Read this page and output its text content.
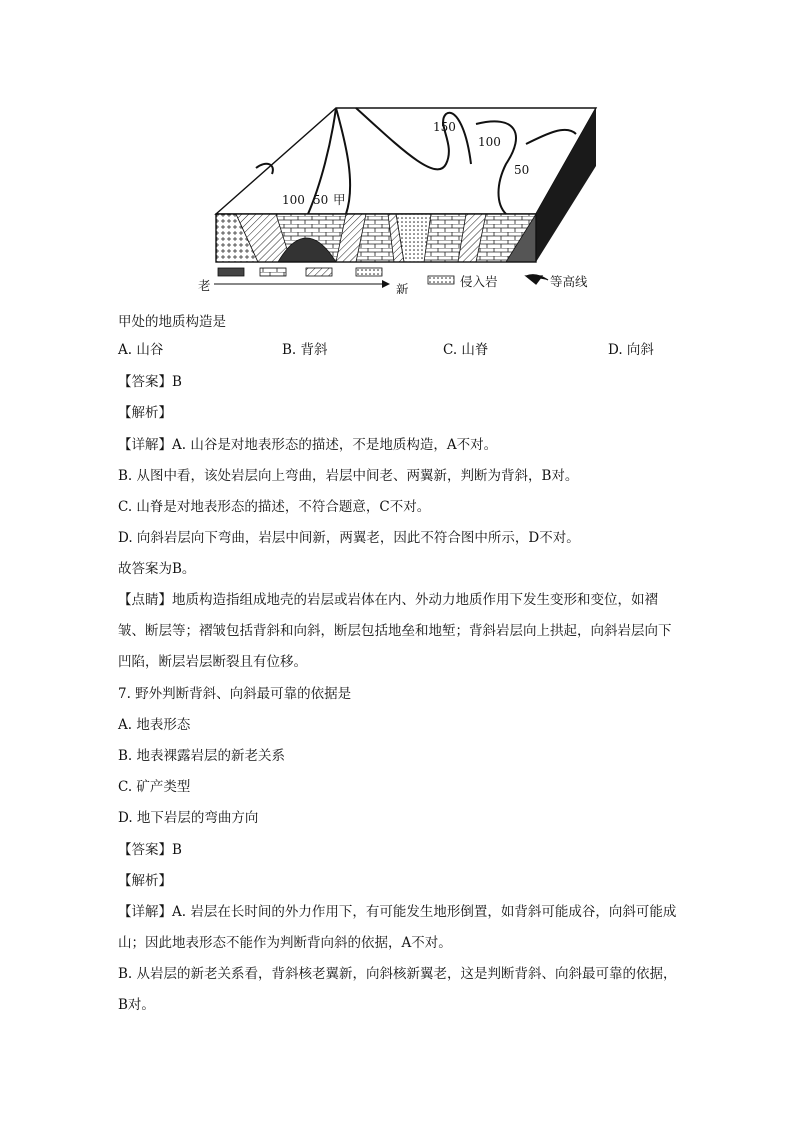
150
100
50
100 50 甲
老	新
侵入岩	等高线
甲处的地质构造是
A. 山谷	B. 背斜	C. 山脊	D. 向斜
【答案】B
【解析】
【详解】A. 山谷是对地表形态的描述，不是地质构造，A不对。
B. 从图中看，该处岩层向上弯曲，岩层中间老、两翼新，判断为背斜，B对。
C. 山脊是对地表形态的描述，不符合题意，C不对。
D. 向斜岩层向下弯曲，岩层中间新，两翼老，因此不符合图中所示，D不对。
故答案为B。
【点睛】地质构造指组成地壳的岩层或岩体在内、外动力地质作用下发生变形和变位，如褶皱、断层等；褶皱包括背斜和向斜，断层包括地垒和地堑；背斜岩层向上拱起，向斜岩层向下凹陷，断层岩层断裂且有位移。
7. 野外判断背斜、向斜最可靠的依据是
A. 地表形态
B. 地表裸露岩层的新老关系
C. 矿产类型
D. 地下岩层的弯曲方向
【答案】B
【解析】
【详解】A. 岩层在长时间的外力作用下，有可能发生地形倒置，如背斜可能成谷，向斜可能成山；因此地表形态不能作为判断背向斜的依据，A不对。
B. 从岩层的新老关系看，背斜核老翼新，向斜核新翼老，这是判断背斜、向斜最可靠的依据，B对。
